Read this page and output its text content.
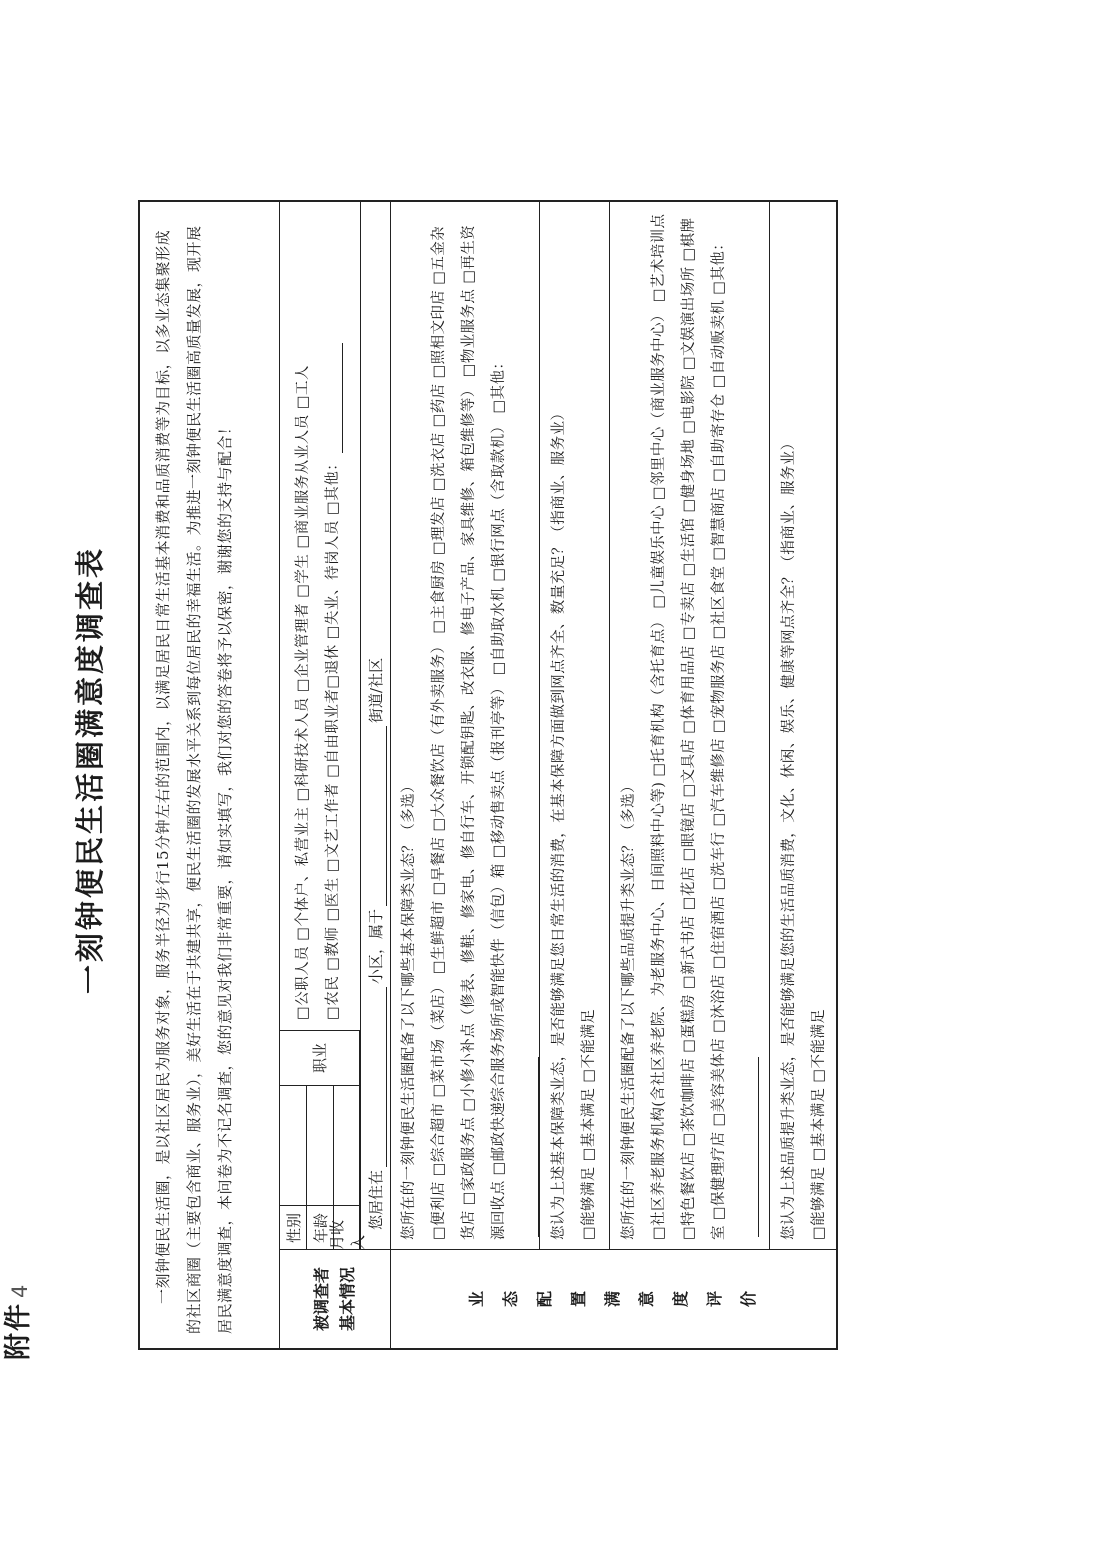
附件4
一刻钟便民生活圈满意度调查表	一刻钟便民生活圈，是以社区居民为服务对象，服务半径为步行15分钟左右的范围内，以满足居民日常生活基本消费和品质消费等为目标，以多业态集聚形成的社区商圈（主要包含商业、服务业），美好生活在于共建共享，便民生活圈的发展水平关系到每位居民的幸福生活。为推进一刻钟便民生活圈高质量发展，现开展居民满意度调查，本问卷为不记名调查，您的意见对我们非常重要，请如实填写，我们对您的答卷将予以保密，谢谢您的支持与配合！	被调查者 基本情况
性别 年龄
月收入
职业
□公职人员 □个体户、私营业主 □科研技术人员 □企业管理者 □学生 □商业服务从业人员 □工人 □农民 □教师 □医生 □文艺工作者 □自由职业者□退休 □失业、待岗人员 □其他：
您居住在小区，属于街道/社区
业 态 配 置 满 意 度 评 价
您所在的一刻钟便民生活圈配备了以下哪些基本保障类业态？（多选） □便利店 □综合超市 □菜市场（菜店） □生鲜超市 □早餐店 □大众餐饮店（有外卖服务） □主食厨房 □理发店 □洗衣店 □药店 □照相文印店 □五金杂货店 □家政服务点 □小修小补点（修表、修鞋、修家电、修自行车、开锁配钥匙、改衣服、修电子产品、家具维修、箱包维修等） □物业服务点 □再生资源回收点 □邮政快递综合服务场所或智能快件（信包）箱 □移动售卖点（报刊亭等） □自助取水机 □银行网点（含取款机） □其他：	您认为上述基本保障类业态，是否能够满足您日常生活的消费，在基本保障方面做到网点齐全、数量充足？（指商业、服务业） □能够满足 □基本满足 □不能满足	您所在的一刻钟便民生活圈配备了以下哪些品质提升类业态？（多选） □社区养老服务机构(含社区养老院、为老服务中心、日间照料中心等) □托育机构（含托育点） □儿童娱乐中心 □邻里中心（商业服务中心） □艺术培训点 □特色餐饮店 □茶饮咖啡店 □蛋糕房 □新式书店 □花店 □眼镜店 □文具店 □体育用品店 □专卖店 □生活馆 □健身场地 □电影院 □文娱演出场所 □棋牌室 □保健理疗店 □美容美体店 □沐浴店 □住宿酒店 □洗车行 □汽车维修店 □宠物服务店 □社区食堂 □智慧商店 □自助寄存仓 □自动贩卖机 □其他：	您认为上述品质提升类业态，是否能够满足您的生活品质消费，文化、休闲、娱乐、健康等网点齐全？（指商业、服务业） □能够满足 □基本满足 □不能满足
